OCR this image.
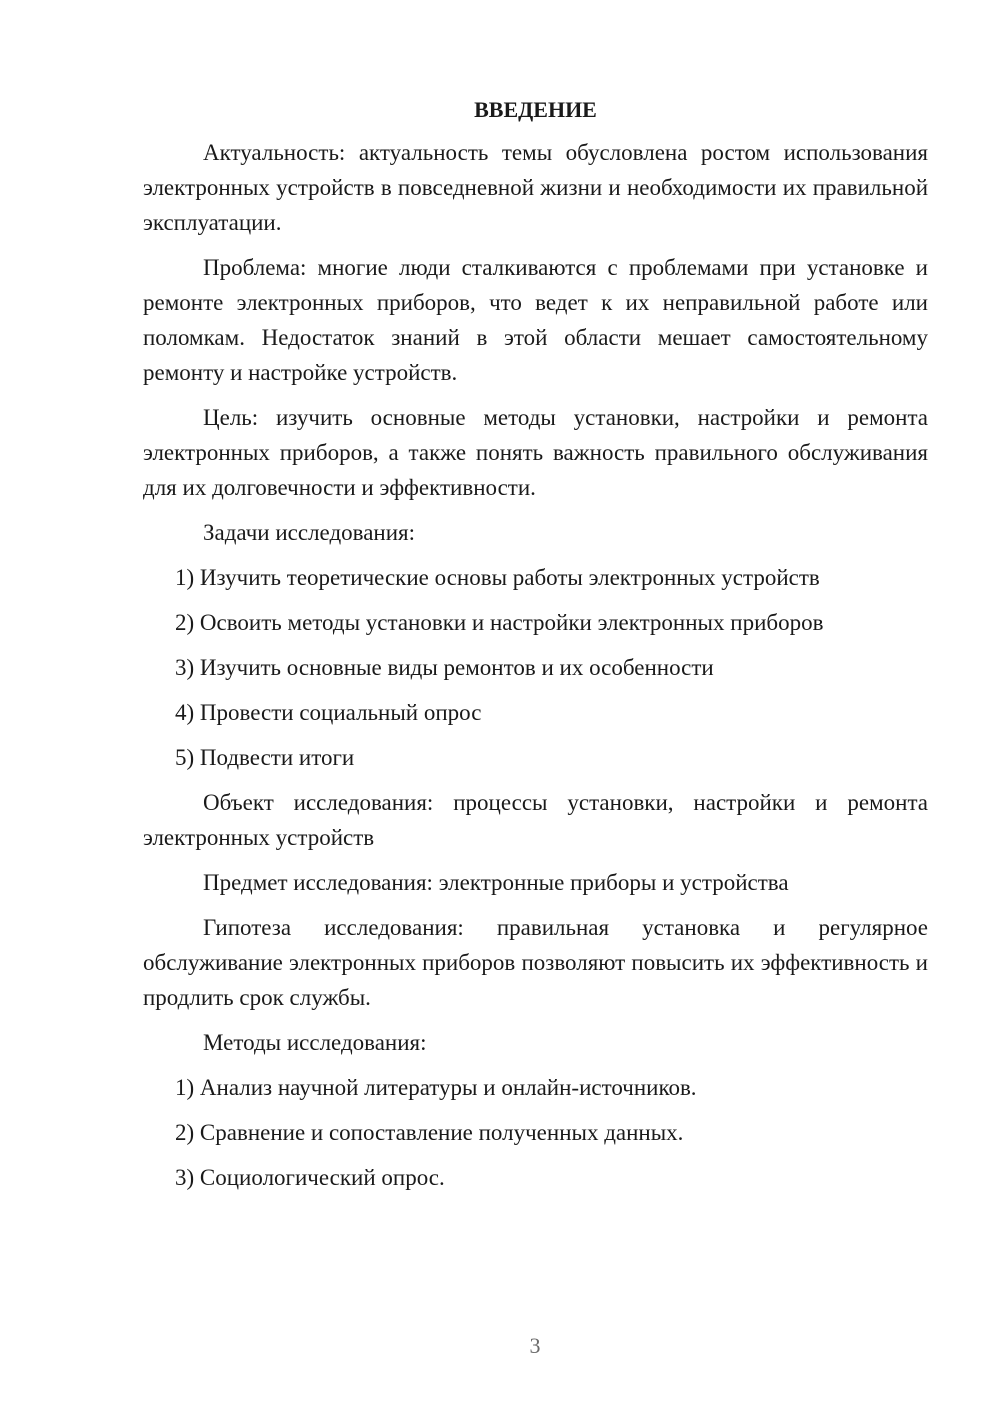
ВВЕДЕНИЕ

Актуальность: актуальность темы обусловлена ростом использования электронных устройств в повседневной жизни и необходимости их правильной эксплуатации.

Проблема: многие люди сталкиваются с проблемами при установке и ремонте электронных приборов, что ведет к их неправильной работе или поломкам. Недостаток знаний в этой области мешает самостоятельному ремонту и настройке устройств.

Цель: изучить основные методы установки, настройки и ремонта электронных приборов, а также понять важность правильного обслуживания для их долговечности и эффективности.

Задачи исследования:

1) Изучить теоретические основы работы электронных устройств
2) Освоить методы установки и настройки электронных приборов
3) Изучить основные виды ремонтов и их особенности
4) Провести социальный опрос
5) Подвести итоги

Объект исследования: процессы установки, настройки и ремонта электронных устройств

Предмет исследования: электронные приборы и устройства

Гипотеза исследования: правильная установка и регулярное обслуживание электронных приборов позволяют повысить их эффективность и продлить срок службы.

Методы исследования:

1) Анализ научной литературы и онлайн-источников.
2) Сравнение и сопоставление полученных данных.
3) Социологический опрос.
3
